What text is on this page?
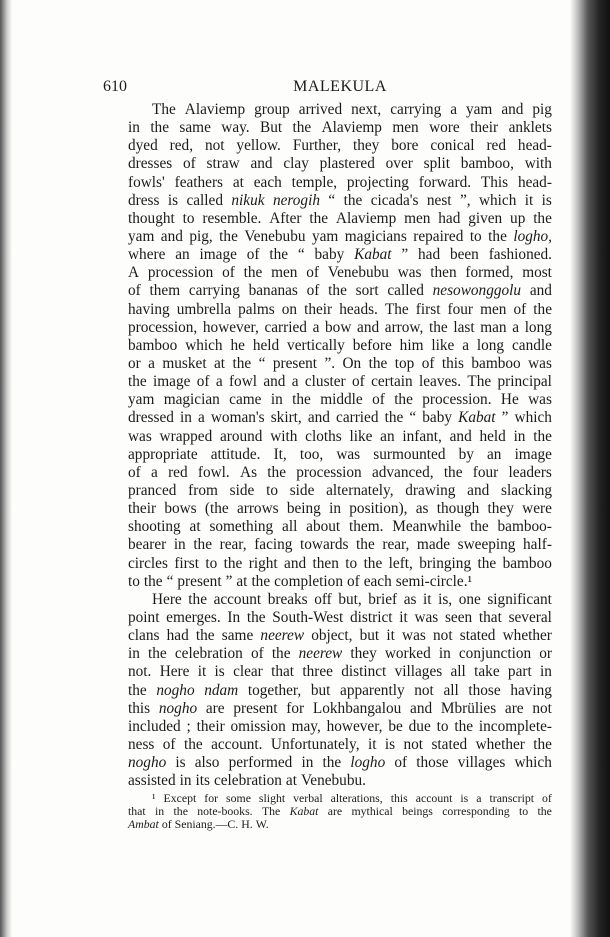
610	MALEKULA
The Alaviemp group arrived next, carrying a yam and pig
in the same way. But the Alaviemp men wore their anklets
dyed red, not yellow. Further, they bore conical red head-
dresses of straw and clay plastered over split bamboo, with
fowls' feathers at each temple, projecting forward. This head-
dress is called nikuk nerogih “ the cicada's nest ”, which it is
thought to resemble. After the Alaviemp men had given up the
yam and pig, the Venebubu yam magicians repaired to the logho,
where an image of the “ baby Kabat ” had been fashioned.
A procession of the men of Venebubu was then formed, most
of them carrying bananas of the sort called nesowonggolu and
having umbrella palms on their heads. The first four men of the
procession, however, carried a bow and arrow, the last man a long
bamboo which he held vertically before him like a long candle
or a musket at the “ present ”. On the top of this bamboo was
the image of a fowl and a cluster of certain leaves. The principal
yam magician came in the middle of the procession. He was
dressed in a woman's skirt, and carried the “ baby Kabat ” which
was wrapped around with cloths like an infant, and held in the
appropriate attitude. It, too, was surmounted by an image
of a red fowl. As the procession advanced, the four leaders
pranced from side to side alternately, drawing and slacking
their bows (the arrows being in position), as though they were
shooting at something all about them. Meanwhile the bamboo-
bearer in the rear, facing towards the rear, made sweeping half-
circles first to the right and then to the left, bringing the bamboo
to the “ present ” at the completion of each semi-circle.¹
Here the account breaks off but, brief as it is, one significant
point emerges. In the South-West district it was seen that several
clans had the same neerew object, but it was not stated whether
in the celebration of the neerew they worked in conjunction or
not. Here it is clear that three distinct villages all take part in
the nogho ndam together, but apparently not all those having
this nogho are present for Lokhbangalou and Mbrülies are not
included ; their omission may, however, be due to the incomplete-
ness of the account. Unfortunately, it is not stated whether the
nogho is also performed in the logho of those villages which
assisted in its celebration at Venebubu.
¹ Except for some slight verbal alterations, this account is a transcript of
that in the note-books. The Kabat are mythical beings corresponding to the
Ambat of Seniang.—C. H. W.
